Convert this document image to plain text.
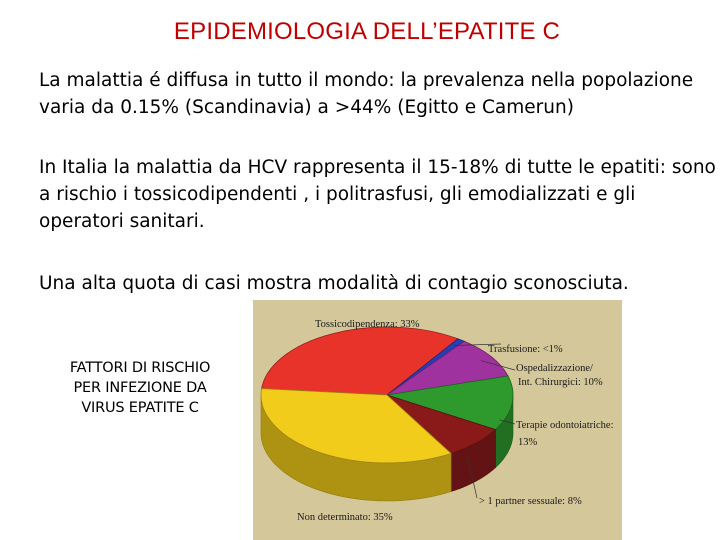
EPIDEMIOLOGIA DELL’EPATITE C

La malattia é diffusa in tutto il mondo: la prevalenza nella popolazione varia da 0.15% (Scandinavia) a >44% (Egitto e Camerun)

In Italia la malattia da HCV rappresenta il 15-18% di tutte le epatiti: sono a rischio i tossicodipendenti , i politrasfusi, gli emodializzati e gli operatori sanitari.

Una alta quota di casi mostra modalità di contagio sconosciuta.

FATTORI DI RISCHIO
PER INFEZIONE DA
VIRUS EPATITE C
Tossicodipendenza: 33%
Trasfusione: <1%
Ospedalizzazione/
Int. Chirurgici: 10%
Terapie odontoiatriche:
13%
> 1 partner sessuale: 8%
Non determinato: 35%
